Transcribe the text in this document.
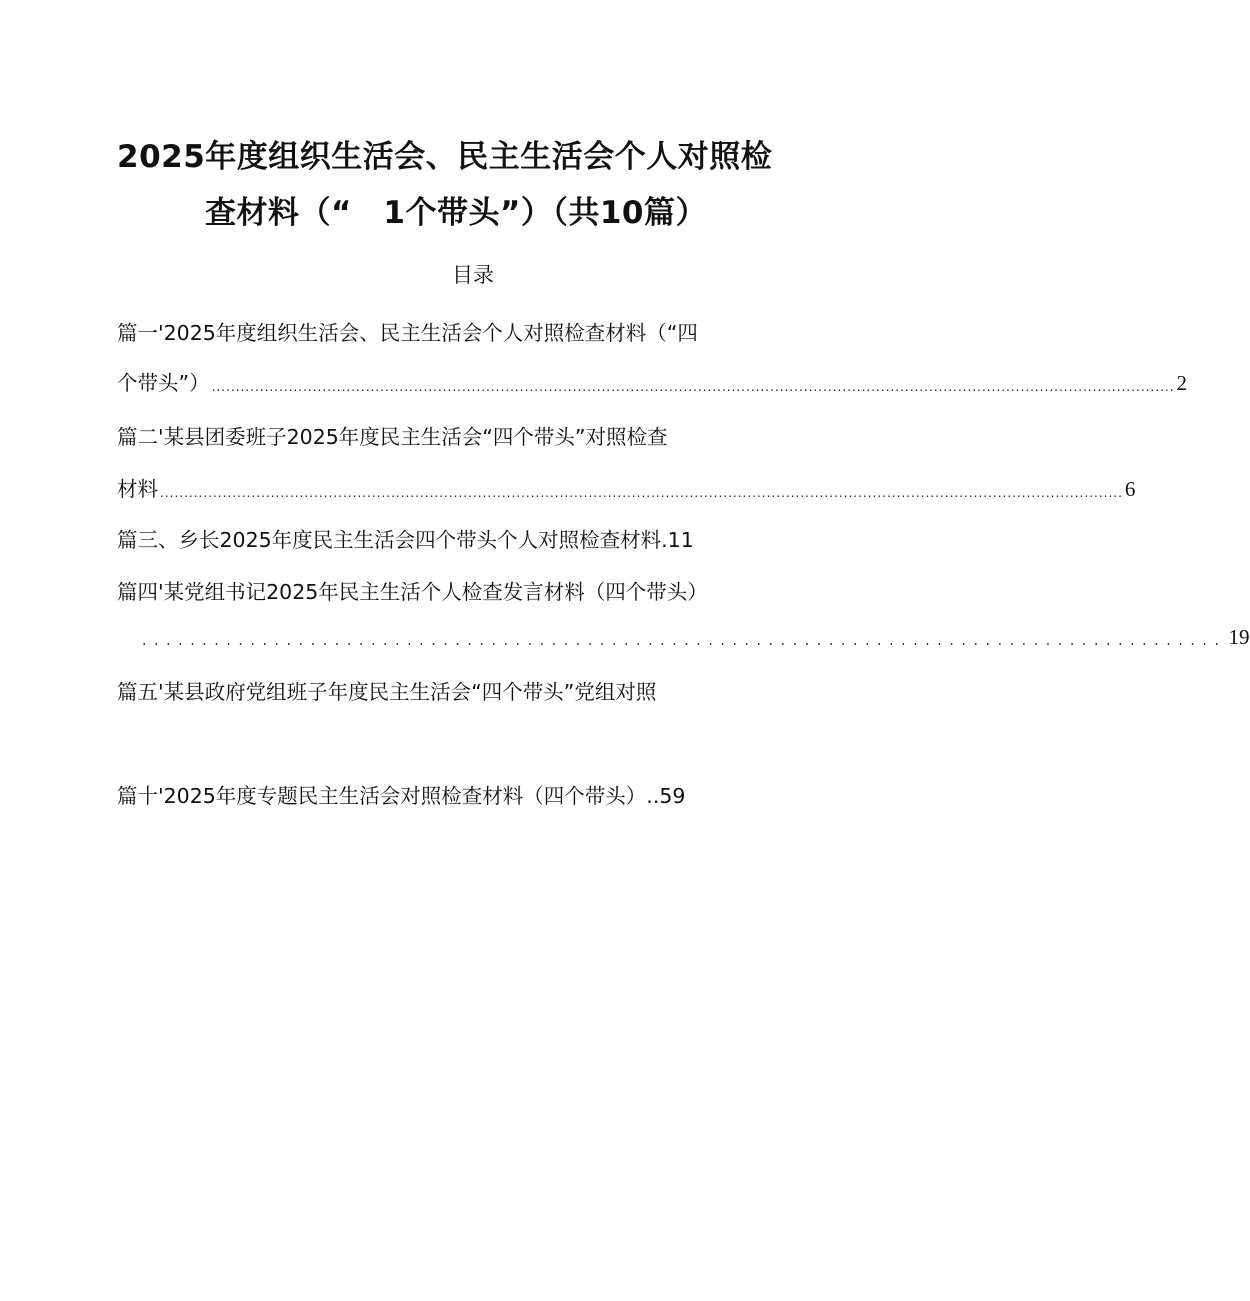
2025年度组织生活会、民主生活会个人对照检
查材料（“　1个带头”）（共10篇）
目录
篇一'2025年度组织生活会、民主生活会个人对照检查材料（“四
个带头”） ........................................................................................................................................................................................................ 2
篇二'某县团委班子2025年度民主生活会“四个带头”对照检查
材料 ........................................................................................................................................................................................................ 6
篇三、乡长2025年度民主生活会四个带头个人对照检查材料.11
篇四'某党组书记2025年民主生活个人检查发言材料（四个带头）
.......................................................................................... 19
篇五'某县政府党组班子年度民主生活会“四个带头”党组对照
篇十'2025年度专题民主生活会对照检查材料（四个带头）..59
